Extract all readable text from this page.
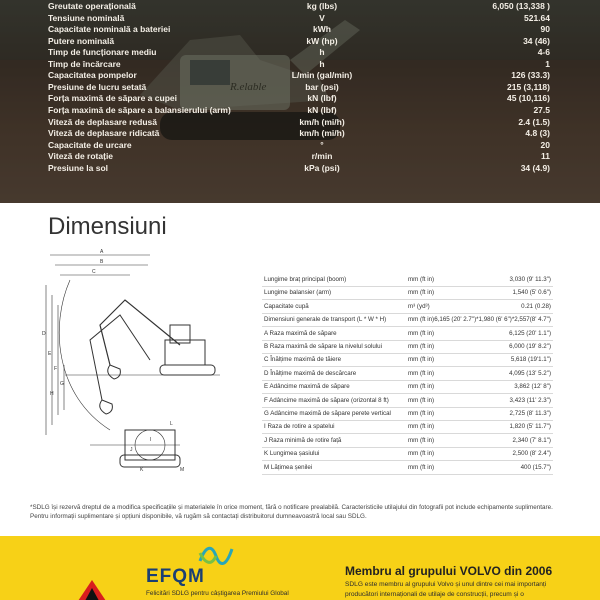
R.elable
Greutate operațională	kg (lbs)	6,050 (13,338 )
Tensiune nominală	V	521.64
Capacitate nominală a bateriei	kWh	90
Putere nominală	kW (hp)	34 (46)
Timp de funcționare mediu	h	4-6
Timp de încărcare	h	1
Capacitatea pompelor	L/min (gal/min)	126 (33.3)
Presiune de lucru setată	bar (psi)	215 (3,118)
Forța maximă de săpare a cupei	kN (lbf)	45 (10,116)
Forța maximă de săpare a balansierului (arm)	kN (lbf)	27.5
Viteză de deplasare redusă	km/h (mi/h)	2.4 (1.5)
Viteză de deplasare ridicată	km/h (mi/h)	4.8 (3)
Capacitate de urcare	°	20
Viteză de rotație	r/min	11
Presiune la sol	kPa (psi)	34 (4.9)
Dimensiuni
A
B
C
D
E
F
G
H
I
J
K
L
M
Lungime braț principal (boom)	mm (ft in)	3,030 (9' 11.3")
Lungime balansier (arm)	mm (ft in)	1,540 (5' 0.6")
Capacitate cupă	m³ (yd³)	0.21 (0.28)
Dimensiuni generale de transport (L * W * H)	mm (ft in) 6,165 (20' 2.7")*1,980 (6' 6")*2,557(8' 4.7")
A Raza maximă de săpare	mm (ft in)	6,125 (20' 1.1")
B Raza maximă de săpare la nivelul solului	mm (ft in)	6,000 (19' 8.2")
C Înălțime maximă de tăiere	mm (ft in)	5,618 (19'1.1")
D Înălțime maximă de descărcare	mm (ft in)	4,095 (13' 5.2")
E Adâncime maximă de săpare	mm (ft in)	3,862 (12' 8")
F Adâncime maximă de săpare (orizontal 8 ft)	mm (ft in)	3,423 (11' 2.3")
G Adâncime maximă de săpare perete vertical	mm (ft in)	2,725 (8' 11.3")
I Raza de rotire a spatelui	mm (ft in)	1,820 (5' 11.7")
J Raza minimă de rotire față	mm (ft in)	2,340 (7' 8.1")
K Lungimea șasiului	mm (ft in)	2,500 (8' 2.4")
M Lățimea șenilei	mm (ft in)	400 (15.7")
*SDLG își rezervă dreptul de a modifica specificațiile și materialele în orice moment, fără o notificare prealabilă. Caracteristicile utilajului din fotografii pot include echipamente suplimentare. Pentru informații suplimentare și opțiuni disponibile, vă rugăm să contactați distribuitorul dumneavoastră local sau SDLG.
EFQM
Felicitări SDLG pentru câștigarea Premiului Global
Membru al grupului VOLVO din 2006
SDLG este membru al grupului Volvo și unul dintre cei mai importanți producători internaționali de utilaje de construcții, precum și o
